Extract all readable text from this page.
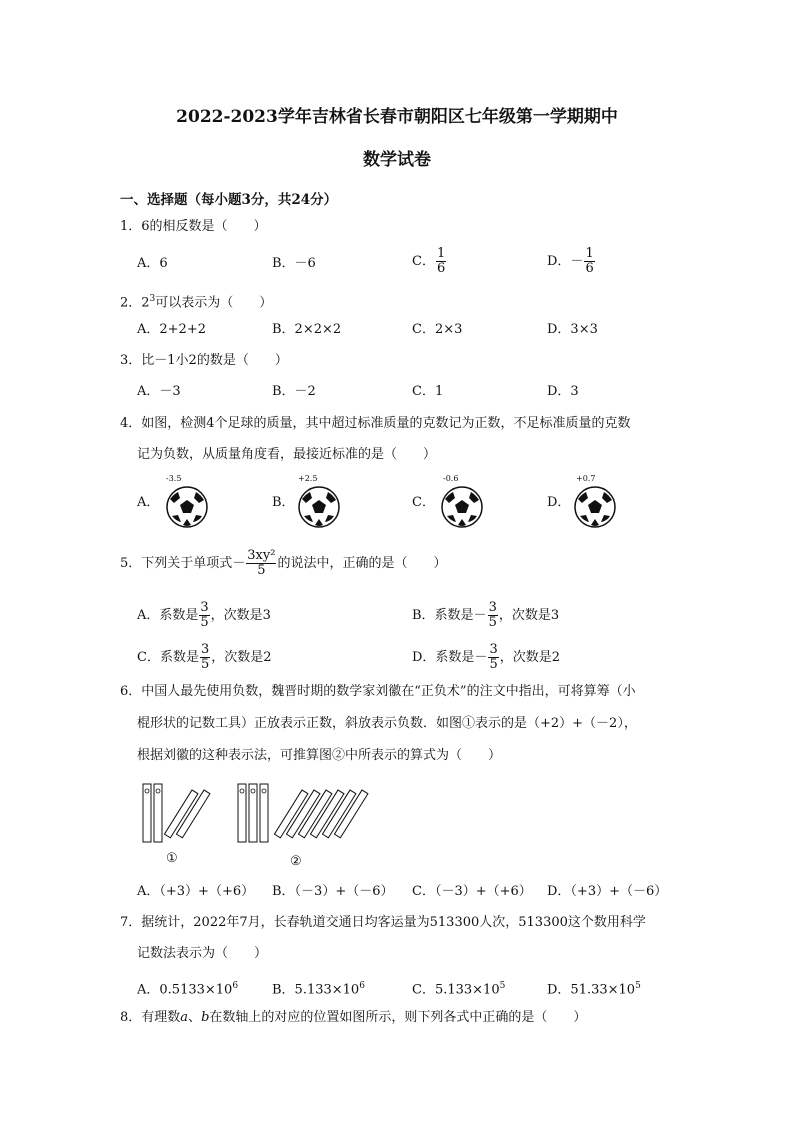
2022-2023学年吉林省长春市朝阳区七年级第一学期期中
数学试卷
一、选择题（每小题3分，共24分）
1．6的相反数是（　　）
A．6	B．－6	C． $\frac{1}{6}$	D．－ $\frac{1}{6}$
2．$2^3$可以表示为（　　）
A．2+2+2	B．2×2×2	C．2×3	D．3×3
3．比－1小2的数是（　　）
A．－3	B．－2	C．1	D．3
4．如图，检测4个足球的质量，其中超过标准质量的克数记为正数，不足标准质量的克数
记为负数，从质量角度看，最接近标准的是（　　）
A．	B．	C．	D．
-3.5	+2.5	-0.6	+0.7
5．下列关于单项式－ $\frac{\text{3xy²}}{5}$ 的说法中，正确的是（　　）
A．系数是 $\frac{3}{5}$ ，次数是3	B．系数是－ $\frac{3}{5}$ ，次数是3
C．系数是 $\frac{3}{5}$ ，次数是2	D．系数是－ $\frac{3}{5}$ ，次数是2
6．中国人最先使用负数，魏晋时期的数学家刘徽在“正负术”的注文中指出，可将算筹（小
棍形状的记数工具）正放表示正数，斜放表示负数．如图①表示的是（+2）+（－2），
根据刘徽的这种表示法，可推算图②中所表示的算式为（　　）
①	②
A．（+3）+（+6） B．（－3）+（－6） C．（－3）+（+6） D．（+3）+（－6）
7．据统计，2022年7月，长春轨道交通日均客运量为513300人次，513300这个数用科学
记数法表示为（　　）
A．$0.5133\times 10^6$	B．$5.133\times 10^6$	C．$5.133\times 10^5$	D．$51.33\times 10^5$
8．有理数a、b在数轴上的对应的位置如图所示，则下列各式中正确的是（　　）
